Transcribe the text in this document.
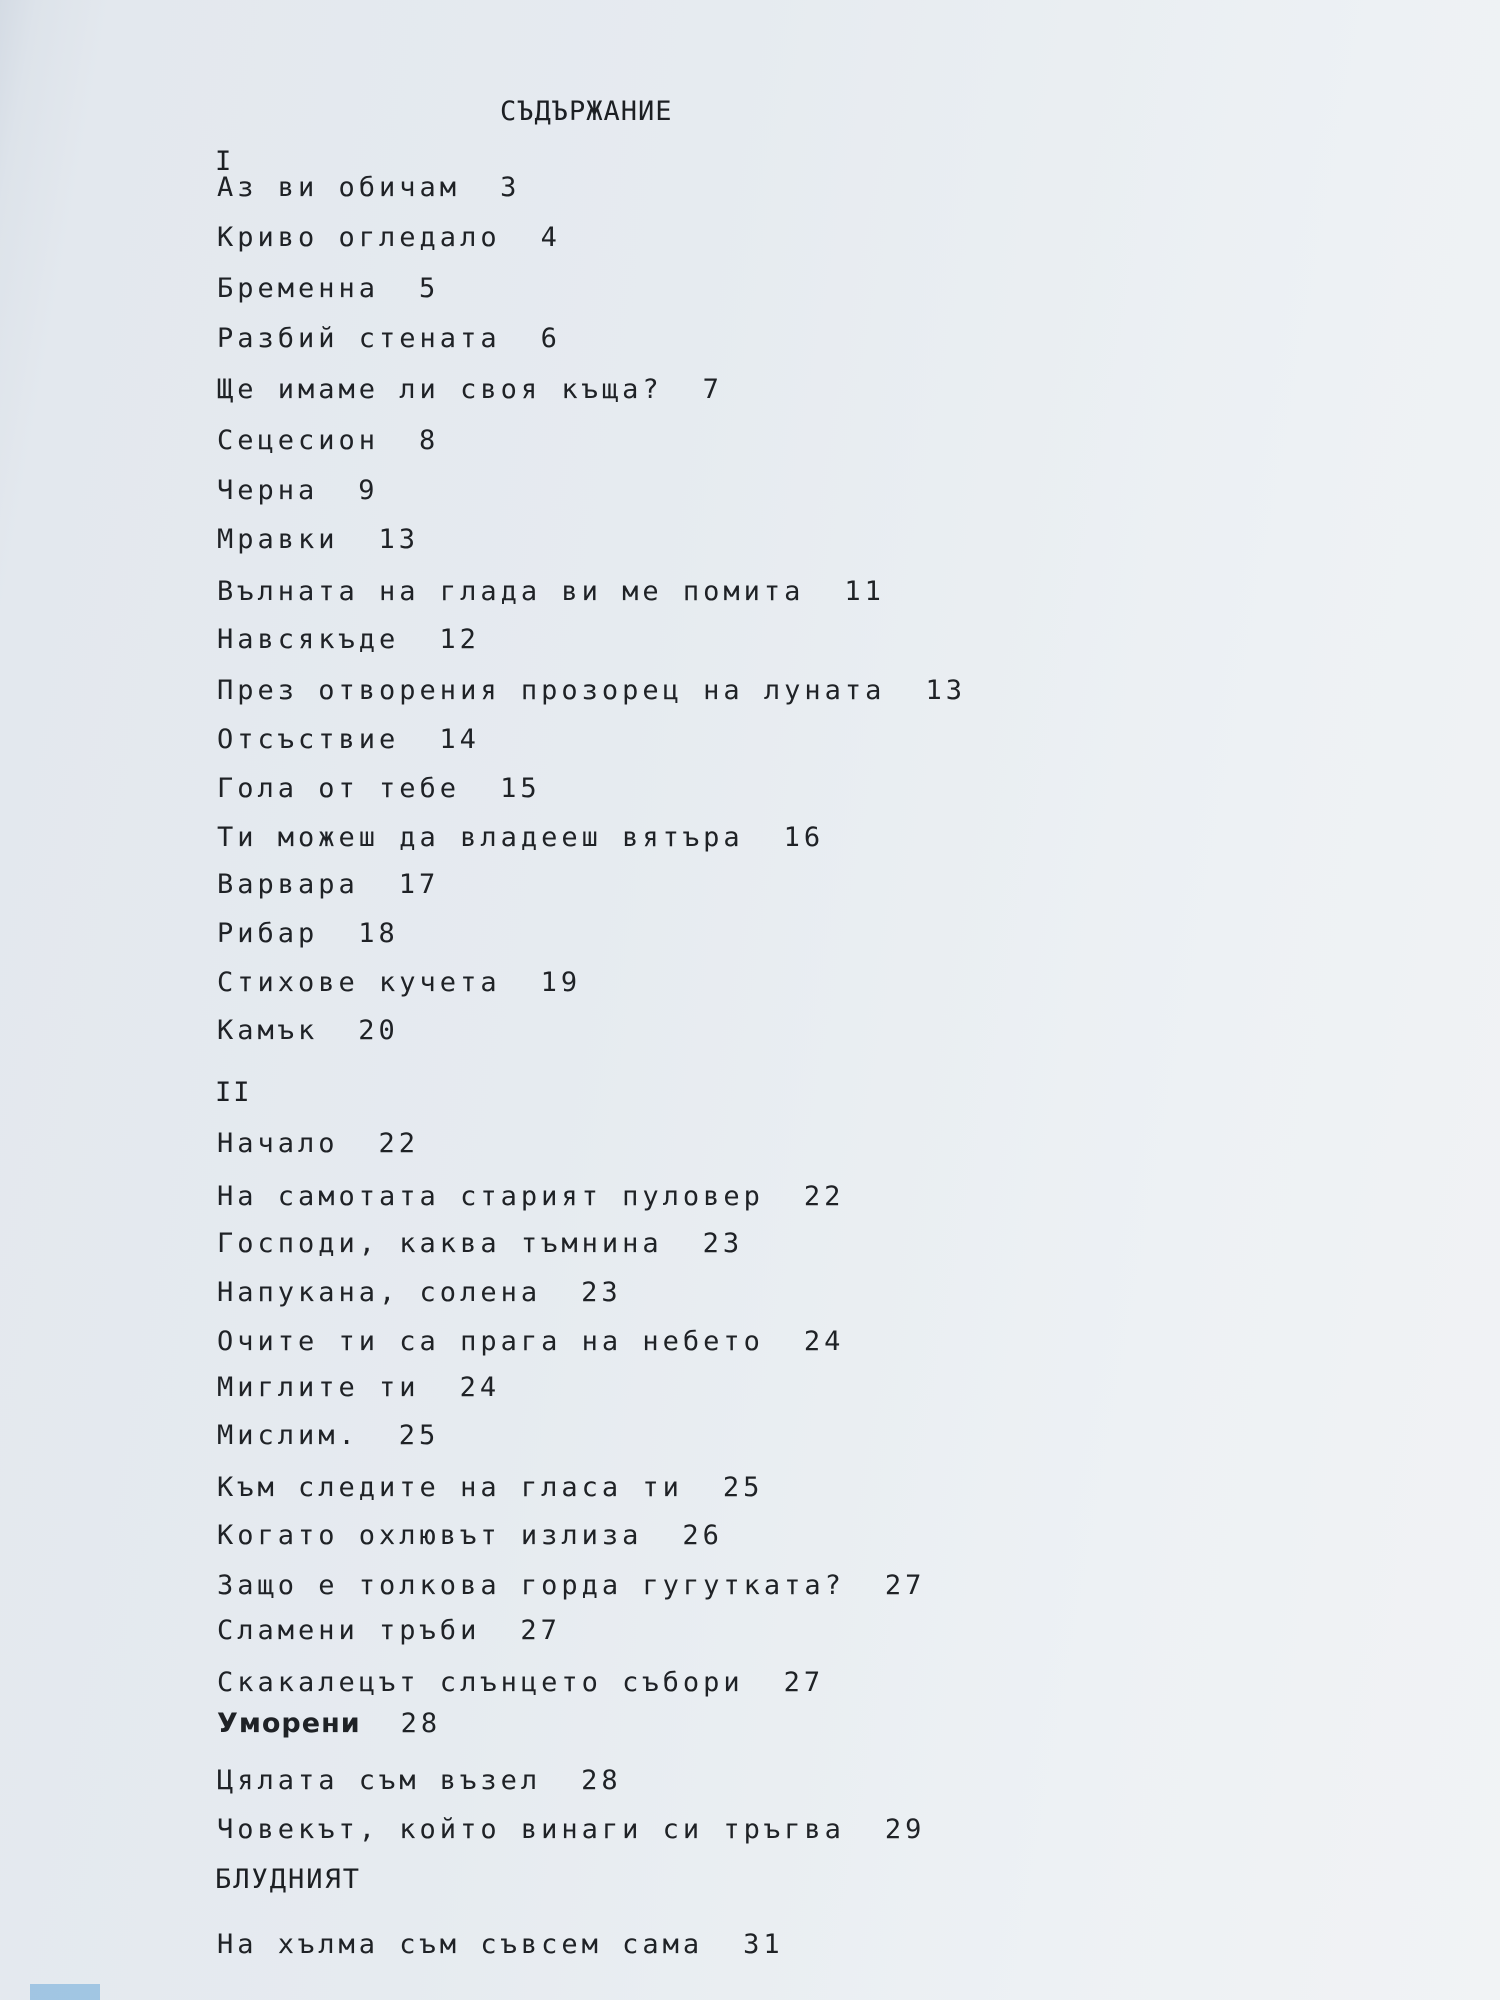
СЪДЪРЖАНИЕ
I
Аз ви обичам 3
Криво огледало 4
Бременна 5
Разбий стената 6
Ще имаме ли своя къща? 7
Сецесион 8
Черна 9
Мравки 13
Вълната на глада ви ме помита 11
Навсякъде 12
През отворения прозорец на луната 13
Отсъствие 14
Гола от тебе 15
Ти можеш да владееш вятъра 16
Варвара 17
Рибар 18
Стихове кучета 19
Камък 20
II
Начало 22
На самотата старият пуловер 22
Господи, каква тъмнина 23
Напукана, солена 23
Очите ти са прага на небето 24
Миглите ти 24
Мислим. 25
Към следите на гласа ти 25
Когато охлювът излиза 26
Защо е толкова горда гугутката? 27
Сламени тръби 27
Скакалецът слънцето събори 27
Уморени 28
Цялата съм възел 28
Човекът, който винаги си тръгва 29
БЛУДНИЯТ
На хълма съм съвсем сама 31
